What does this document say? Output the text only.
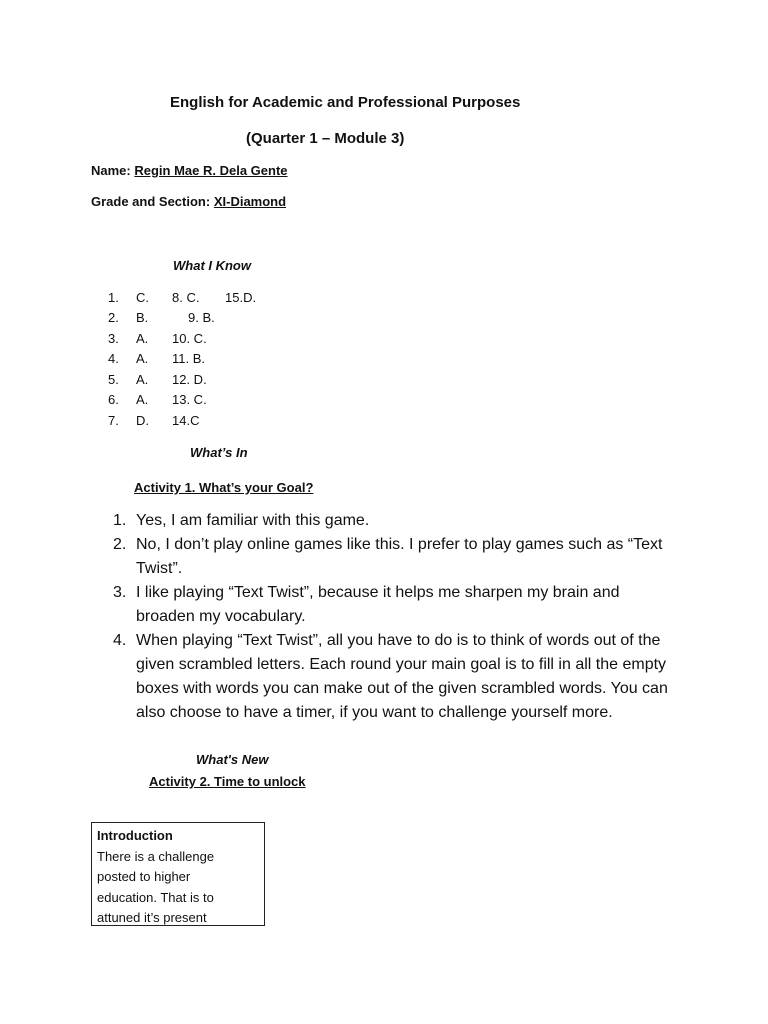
English for Academic and Professional Purposes
(Quarter 1 – Module 3)
Name: Regin Mae R. Dela Gente
Grade and Section: XI-Diamond
What I Know
1. C. 8. C. 15.D.
2. B.	9. B.
3. A. 10. C.
4. A. 11. B.
5. A. 12. D.
6. A. 13. C.
7. D. 14.C
What’s In
Activity 1. What’s your Goal?
1. Yes, I am familiar with this game.
2. No, I don’t play online games like this. I prefer to play games such as “Text Twist”.
3. I like playing “Text Twist”, because it helps me sharpen my brain and broaden my vocabulary.
4. When playing “Text Twist”, all you have to do is to think of words out of the given scrambled letters. Each round your main goal is to fill in all the empty boxes with words you can make out of the given scrambled words. You can also choose to have a timer, if you want to challenge yourself more.
What's New
Activity 2. Time to unlock
Introduction
There is a challenge
posted to higher
education. That is to
attuned it’s present
